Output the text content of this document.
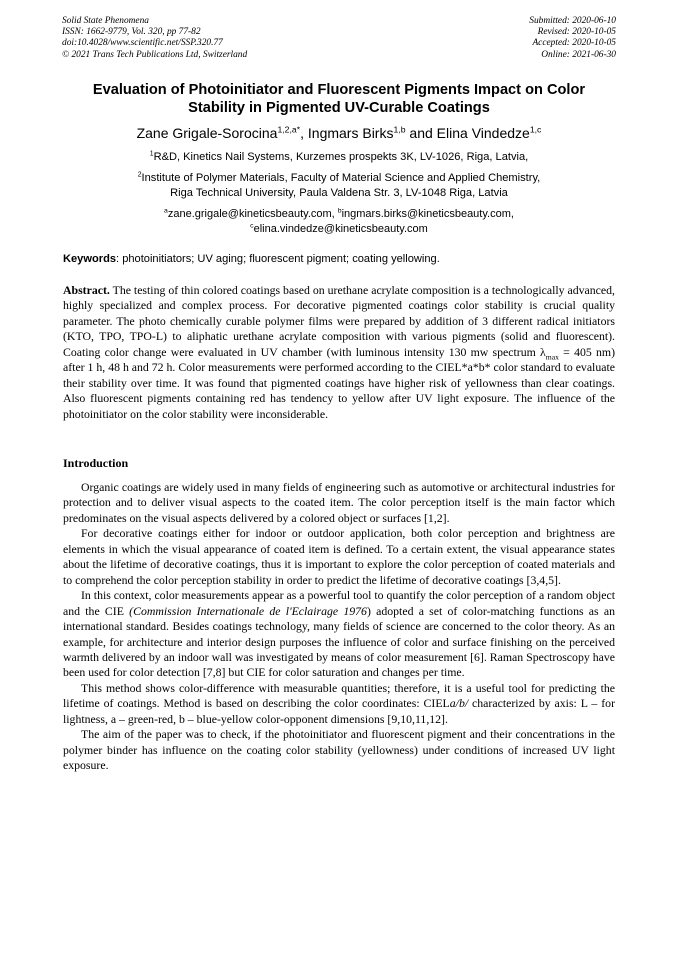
Solid State Phenomena
ISSN: 1662-9779, Vol. 320, pp 77-82
doi:10.4028/www.scientific.net/SSP.320.77
© 2021 Trans Tech Publications Ltd, Switzerland
Submitted: 2020-06-10
Revised: 2020-10-05
Accepted: 2020-10-05
Online: 2021-06-30
Evaluation of Photoinitiator and Fluorescent Pigments Impact on Color
Stability in Pigmented UV-Curable Coatings
Zane Grigale-Sorocina$^{1,2,a*}$, Ingmars Birks$^{1,b}$ and Elina Vindedze$^{1,c}$
$^1$R&D, Kinetics Nail Systems, Kurzemes prospekts 3K, LV-1026, Riga, Latvia,
$^2$Institute of Polymer Materials, Faculty of Material Science and Applied Chemistry,
Riga Technical University, Paula Valdena Str. 3, LV-1048 Riga, Latvia
$^a$zane.grigale@kineticsbeauty.com, $^b$ingmars.birks@kineticsbeauty.com,
$^c$elina.vindedze@kineticsbeauty.com
Keywords: photoinitiators; UV aging; fluorescent pigment; coating yellowing.
Abstract. The testing of thin colored coatings based on urethane acrylate composition is a technologically advanced, highly specialized and complex process. For decorative pigmented coatings color stability is crucial quality parameter. The photo chemically curable polymer films were prepared by addition of 3 different radical initiators (KTO, TPO, TPO-L) to aliphatic urethane acrylate composition with various pigments (solid and fluorescent). Coating color change were evaluated in UV chamber (with luminous intensity 130 mw spectrum $\lambda_{max} = 405$ nm) after 1 h, 48 h and 72 h. Color measurements were performed according to the CIEL*a*b* color standard to evaluate their stability over time. It was found that pigmented coatings have higher risk of yellowness than clear coatings. Also fluorescent pigments containing red has tendency to yellow after UV light exposure. The influence of the photoinitiator on the color stability were inconsiderable.
Introduction

Organic coatings are widely used in many fields of engineering such as automotive or architectural industries for protection and to deliver visual aspects to the coated item. The color perception itself is the main factor which predominates on the visual aspects delivered by a colored object or surfaces [1,2].

For decorative coatings either for indoor or outdoor application, both color perception and brightness are elements in which the visual appearance of coated item is defined. To a certain extent, the visual appearance states about the lifetime of decorative coatings, thus it is important to explore the color perception of coated materials and to comprehend the color perception stability in order to predict the lifetime of decorative coatings [3,4,5].

In this context, color measurements appear as a powerful tool to quantify the color perception of a random object and the CIE (Commission Internationale de l'Eclairage 1976) adopted a set of color-matching functions as an international standard. Besides coatings technology, many fields of science are concerned to the color theory. As an example, for architecture and interior design purposes the influence of color and surface finishing on the perceived warmth delivered by an indoor wall was investigated by means of color measurement [6]. Raman Spectroscopy have been used for color detection [7,8] but CIE for color saturation and changes per time.

This method shows color-difference with measurable quantities; therefore, it is a useful tool for predicting the lifetime of coatings. Method is based on describing the color coordinates: CIELa/b/ characterized by axis: L – for lightness, a – green-red, b – blue-yellow color-opponent dimensions [9,10,11,12].

The aim of the paper was to check, if the photoinitiator and fluorescent pigment and their concentrations in the polymer binder has influence on the coating color stability (yellowness) under conditions of increased UV light exposure.
